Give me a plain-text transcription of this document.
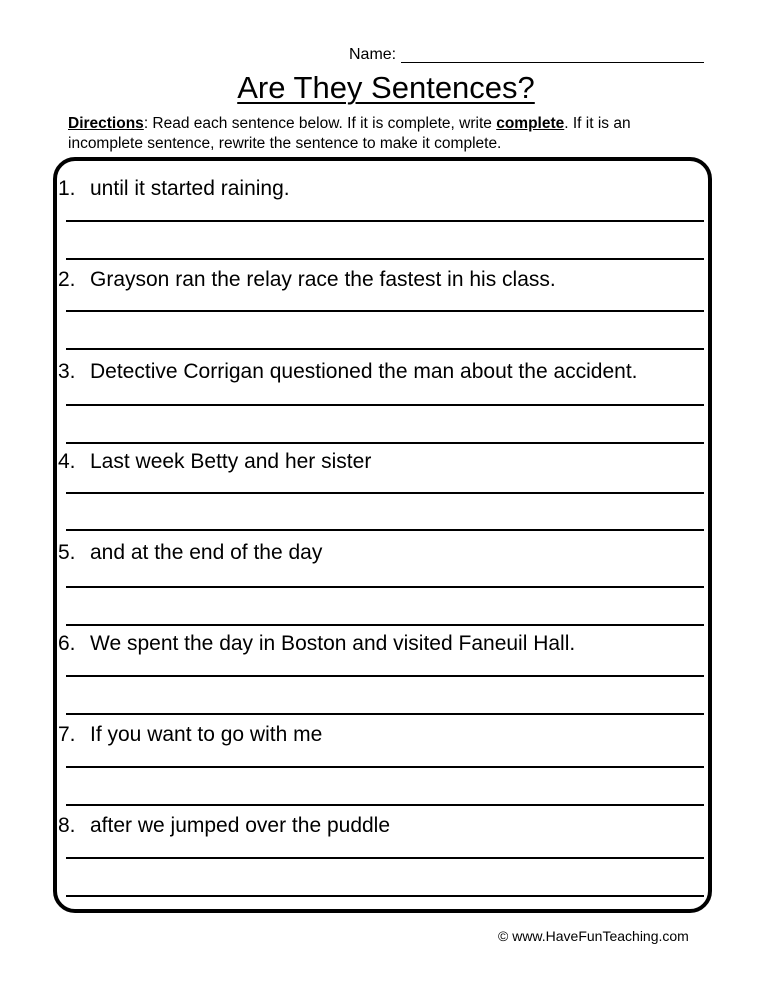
Name:
Are They Sentences?
Directions: Read each sentence below. If it is complete, write complete. If it is an incomplete sentence, rewrite the sentence to make it complete.
1. until it started raining.
2. Grayson ran the relay race the fastest in his class.
3. Detective Corrigan questioned the man about the accident.
4. Last week Betty and her sister
5. and at the end of the day
6. We spent the day in Boston and visited Faneuil Hall.
7. If you want to go with me
8. after we jumped over the puddle
© www.HaveFunTeaching.com
